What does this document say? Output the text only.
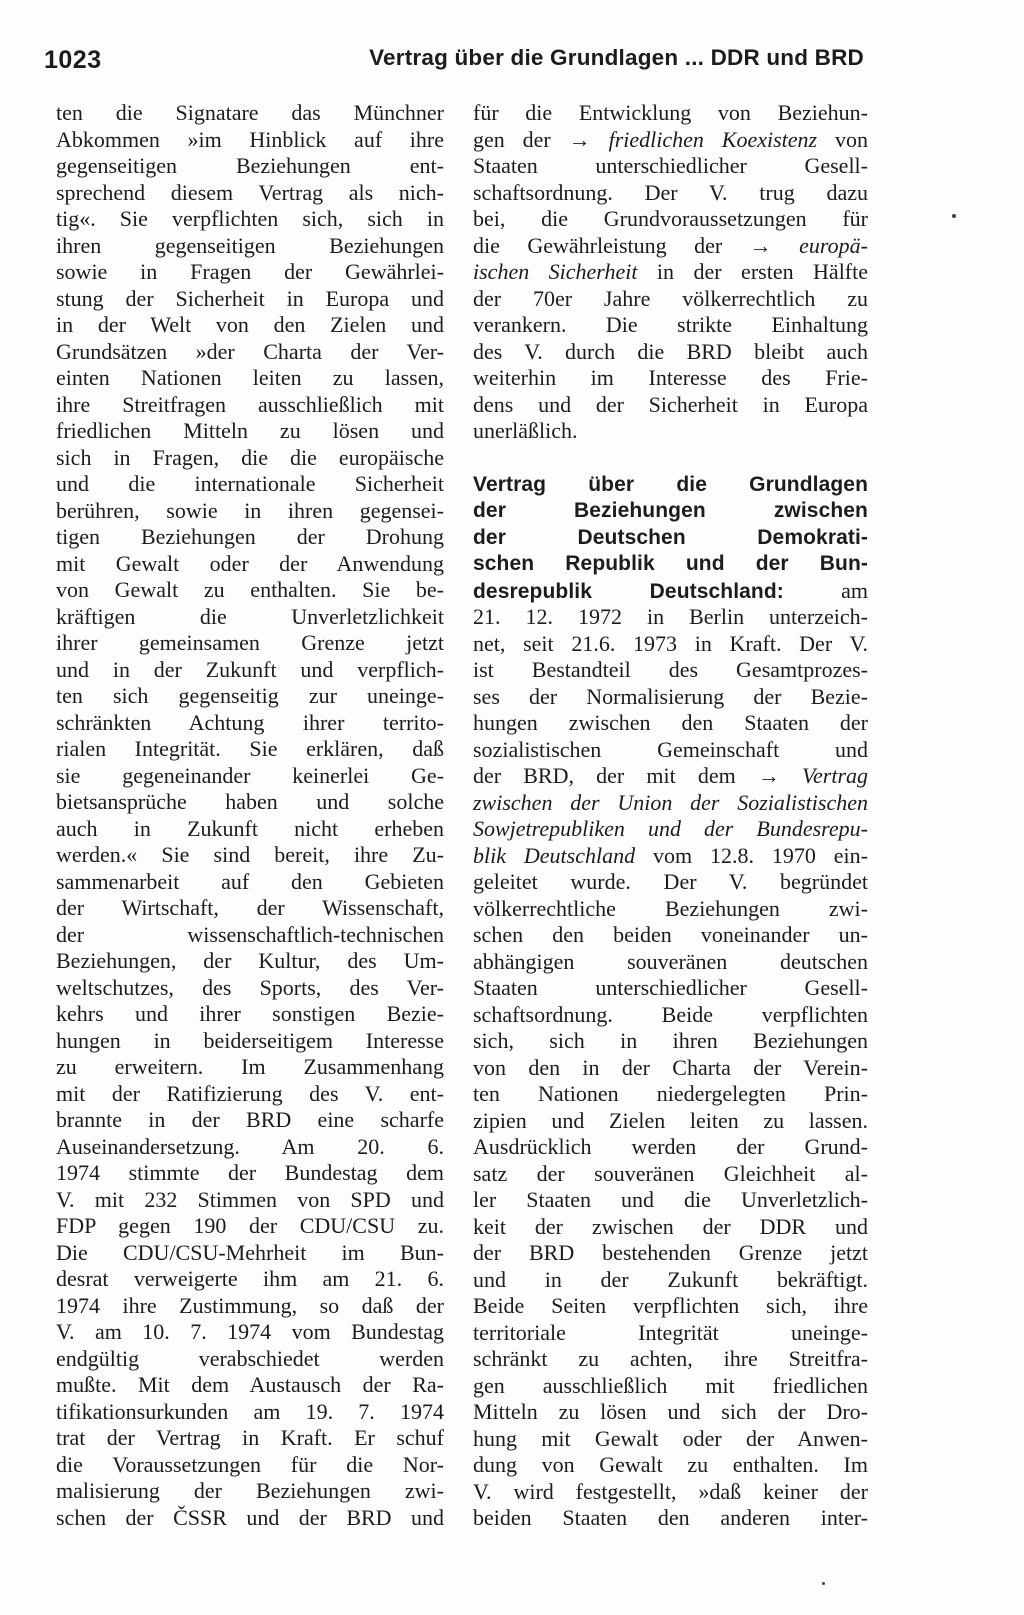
1023	Vertrag über die Grundlagen ... DDR und BRD
ten die Signatare das Münchner
Abkommen »im Hinblick auf ihre
gegenseitigen Beziehungen ent-
sprechend diesem Vertrag als nich-
tig«. Sie verpflichten sich, sich in
ihren gegenseitigen Beziehungen
sowie in Fragen der Gewährlei-
stung der Sicherheit in Europa und
in der Welt von den Zielen und
Grundsätzen »der Charta der Ver-
einten Nationen leiten zu lassen,
ihre Streitfragen ausschließlich mit
friedlichen Mitteln zu lösen und
sich in Fragen, die die europäische
und die internationale Sicherheit
berühren, sowie in ihren gegensei-
tigen Beziehungen der Drohung
mit Gewalt oder der Anwendung
von Gewalt zu enthalten. Sie be-
kräftigen die Unverletzlichkeit
ihrer gemeinsamen Grenze jetzt
und in der Zukunft und verpflich-
ten sich gegenseitig zur uneinge-
schränkten Achtung ihrer territo-
rialen Integrität. Sie erklären, daß
sie gegeneinander keinerlei Ge-
bietsansprüche haben und solche
auch in Zukunft nicht erheben
werden.« Sie sind bereit, ihre Zu-
sammenarbeit auf den Gebieten
der Wirtschaft, der Wissenschaft,
der wissenschaftlich-technischen
Beziehungen, der Kultur, des Um-
weltschutzes, des Sports, des Ver-
kehrs und ihrer sonstigen Bezie-
hungen in beiderseitigem Interesse
zu erweitern. Im Zusammenhang
mit der Ratifizierung des V. ent-
brannte in der BRD eine scharfe
Auseinandersetzung. Am 20. 6.
1974 stimmte der Bundestag dem
V. mit 232 Stimmen von SPD und
FDP gegen 190 der CDU/CSU zu.
Die CDU/CSU-Mehrheit im Bun-
desrat verweigerte ihm am 21. 6.
1974 ihre Zustimmung, so daß der
V. am 10. 7. 1974 vom Bundestag
endgültig verabschiedet werden
mußte. Mit dem Austausch der Ra-
tifikationsurkunden am 19. 7. 1974
trat der Vertrag in Kraft. Er schuf
die Voraussetzungen für die Nor-
malisierung der Beziehungen zwi-
schen der ČSSR und der BRD und
für die Entwicklung von Beziehun-
gen der → friedlichen Koexistenz von
Staaten unterschiedlicher Gesell-
schaftsordnung. Der V. trug dazu
bei, die Grundvoraussetzungen für
die Gewährleistung der → europä-
ischen Sicherheit in der ersten Hälfte
der 70er Jahre völkerrechtlich zu
verankern. Die strikte Einhaltung
des V. durch die BRD bleibt auch
weiterhin im Interesse des Frie-
dens und der Sicherheit in Europa
unerläßlich.
Vertrag über die Grundlagen
der Beziehungen zwischen
der Deutschen Demokrati-
schen Republik und der Bun-
desrepublik Deutschland: am
21. 12. 1972 in Berlin unterzeich-
net, seit 21.6. 1973 in Kraft. Der V.
ist Bestandteil des Gesamtprozes-
ses der Normalisierung der Bezie-
hungen zwischen den Staaten der
sozialistischen Gemeinschaft und
der BRD, der mit dem → Vertrag
zwischen der Union der Sozialistischen
Sowjetrepubliken und der Bundesrepu-
blik Deutschland vom 12.8. 1970 ein-
geleitet wurde. Der V. begründet
völkerrechtliche Beziehungen zwi-
schen den beiden voneinander un-
abhängigen souveränen deutschen
Staaten unterschiedlicher Gesell-
schaftsordnung. Beide verpflichten
sich, sich in ihren Beziehungen
von den in der Charta der Verein-
ten Nationen niedergelegten Prin-
zipien und Zielen leiten zu lassen.
Ausdrücklich werden der Grund-
satz der souveränen Gleichheit al-
ler Staaten und die Unverletzlich-
keit der zwischen der DDR und
der BRD bestehenden Grenze jetzt
und in der Zukunft bekräftigt.
Beide Seiten verpflichten sich, ihre
territoriale Integrität uneinge-
schränkt zu achten, ihre Streitfra-
gen ausschließlich mit friedlichen
Mitteln zu lösen und sich der Dro-
hung mit Gewalt oder der Anwen-
dung von Gewalt zu enthalten. Im
V. wird festgestellt, »daß keiner der
beiden Staaten den anderen inter-
